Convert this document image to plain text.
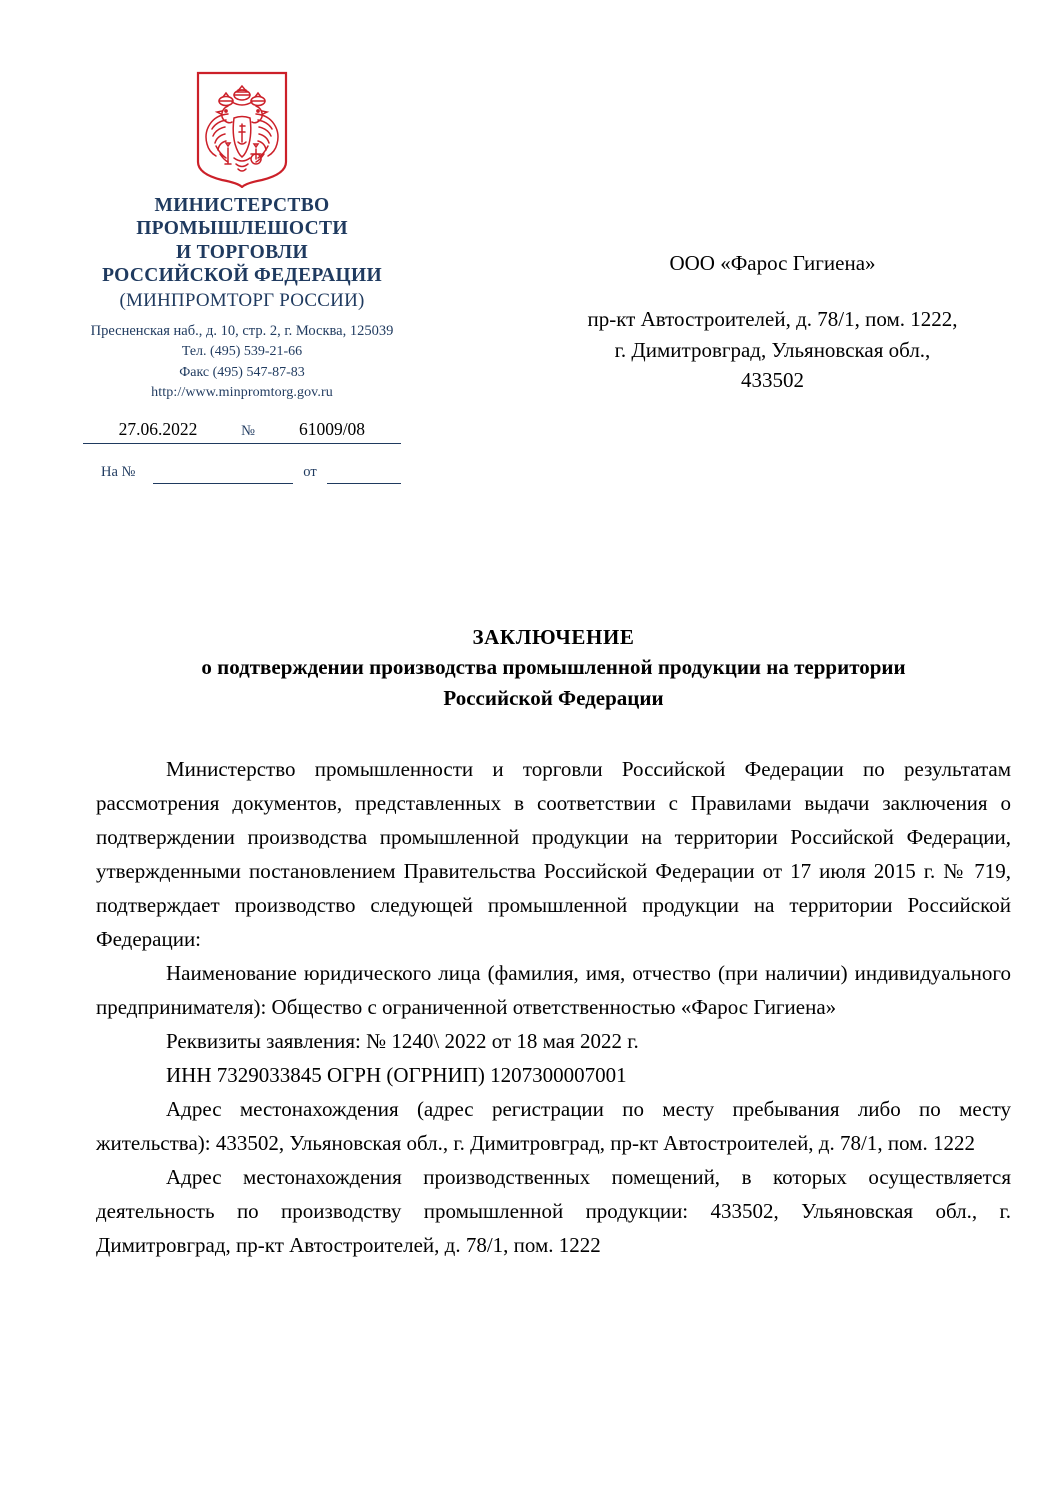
МИНИСТЕРСТВО
ПРОМЫШЛЕШОСТИ
И ТОРГОВЛИ
РОССИЙСКОЙ ФЕДЕРАЦИИ
(МИНПРОМТОРГ РОССИИ)
Пресненская наб., д. 10, стр. 2, г. Москва, 125039
Тел. (495) 539-21-66
Факс (495) 547-87-83
http://www.minpromtorg.gov.ru
27.06.2022	№	61009/08
На №	от
ООО «Фарос Гигиена»
пр-кт Автостроителей, д. 78/1, пом. 1222,
г. Димитровград, Ульяновская обл.,
433502
ЗАКЛЮЧЕНИЕ
о подтверждении производства промышленной продукции на территории
Российской Федерации

Министерство промышленности и торговли Российской Федерации по результатам рассмотрения документов, представленных в соответствии с Правилами выдачи заключения о подтверждении производства промышленной продукции на территории Российской Федерации, утвержденными постановлением Правительства Российской Федерации от 17 июля 2015 г. № 719, подтверждает производство следующей промышленной продукции на территории Российской Федерации:

Наименование юридического лица (фамилия, имя, отчество (при наличии) индивидуального предпринимателя): Общество с ограниченной ответственностью «Фарос Гигиена»

Реквизиты заявления: № 1240\ 2022 от 18 мая 2022 г.

ИНН 7329033845 ОГРН (ОГРНИП) 1207300007001

Адрес местонахождения (адрес регистрации по месту пребывания либо по месту жительства): 433502, Ульяновская обл., г. Димитровград, пр-кт Автостроителей, д. 78/1, пом. 1222

Адрес местонахождения производственных помещений, в которых осуществляется деятельность по производству промышленной продукции: 433502, Ульяновская обл., г. Димитровград, пр-кт Автостроителей, д. 78/1, пом. 1222
